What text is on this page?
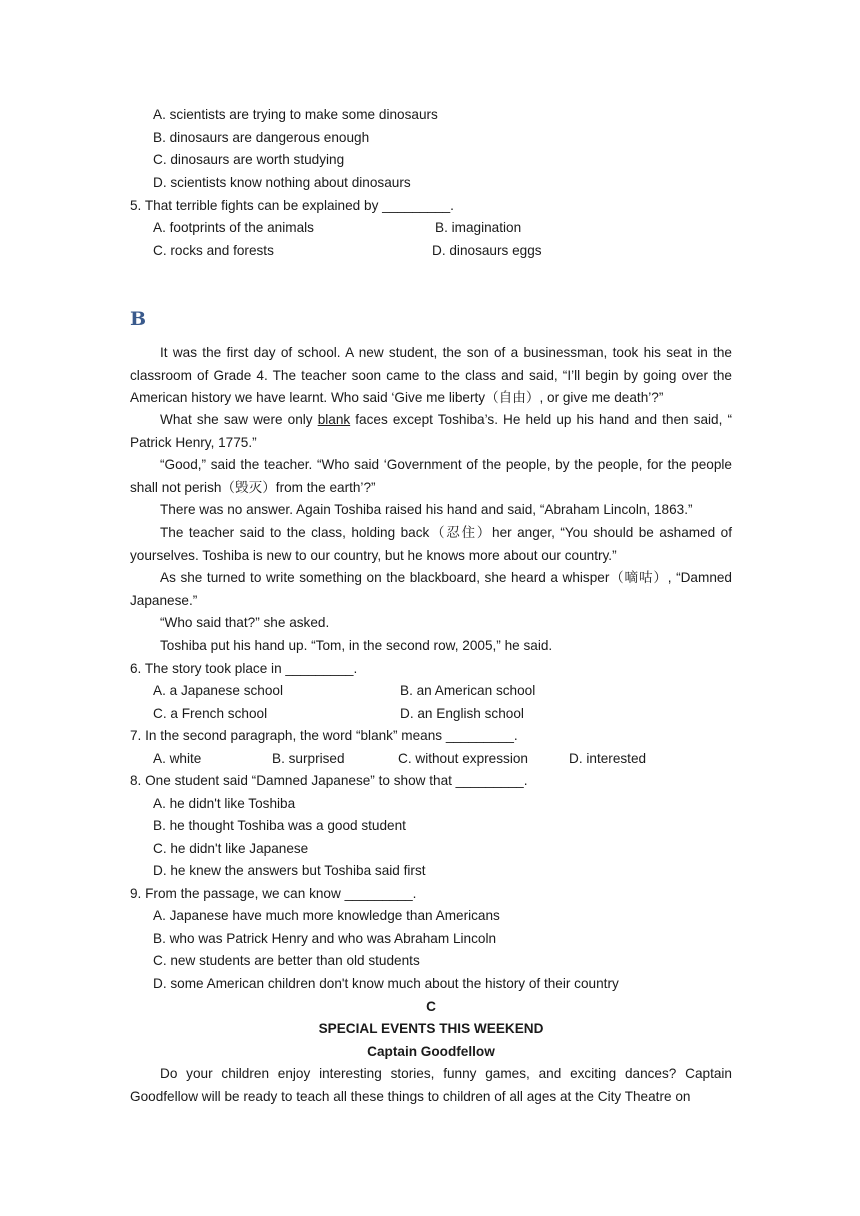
A. scientists are trying to make some dinosaurs
B. dinosaurs are dangerous enough
C. dinosaurs are worth studying
D. scientists know nothing about dinosaurs
5. That terrible fights can be explained by _________.
A. footprints of the animals	B. imagination
C. rocks and forests	D. dinosaurs eggs
B
It was the first day of school. A new student, the son of a businessman, took his seat in the classroom of Grade 4. The teacher soon came to the class and said, “I’ll begin by going over the American history we have learnt. Who said ‘Give me liberty（自由）, or give me death’?”
What she saw were only blank faces except Toshiba’s. He held up his hand and then said, “ Patrick Henry, 1775.”
“Good,” said the teacher. “Who said ‘Government of the people, by the people, for the people shall not perish（毁灭）from the earth’?”
There was no answer. Again Toshiba raised his hand and said, “Abraham Lincoln, 1863.”
The teacher said to the class, holding back（忍住）her anger, “You should be ashamed of yourselves. Toshiba is new to our country, but he knows more about our country.”
As she turned to write something on the blackboard, she heard a whisper（嘀咕）, “Damned Japanese.”
“Who said that?” she asked.
Toshiba put his hand up. “Tom, in the second row, 2005,” he said.
6. The story took place in _________.
A. a Japanese school	B. an American school
C. a French school	D. an English school
7. In the second paragraph, the word “blank” means _________.
A. white	B. surprised	C. without expression	D. interested
8. One student said “Damned Japanese” to show that _________.
A. he didn't like Toshiba
B. he thought Toshiba was a good student
C. he didn't like Japanese
D. he knew the answers but Toshiba said first
9. From the passage, we can know _________.
A. Japanese have much more knowledge than Americans
B. who was Patrick Henry and who was Abraham Lincoln
C. new students are better than old students
D. some American children don't know much about the history of their country
C
SPECIAL EVENTS THIS WEEKEND
Captain Goodfellow
Do your children enjoy interesting stories, funny games, and exciting dances? Captain Goodfellow will be ready to teach all these things to children of all ages at the City Theatre on
